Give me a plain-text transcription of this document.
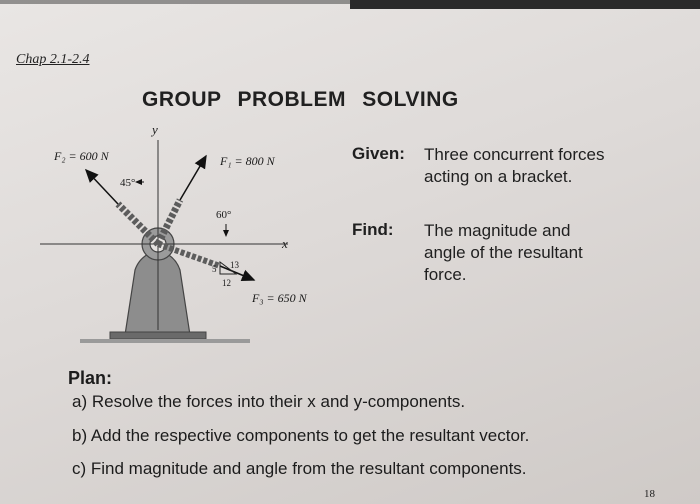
Chap 2.1-2.4
GROUP PROBLEM SOLVING
y
x
F₂ = 600 N	F₁ = 800 N
F₃ = 650 N
45°
60°
13
5
12
Given: Three concurrent forces acting on a bracket.
Find: The magnitude and angle of the resultant force.
Plan:
a) Resolve the forces into their x and y-components.
b) Add the respective components to get the resultant vector.
c) Find magnitude and angle from the resultant components.
18
